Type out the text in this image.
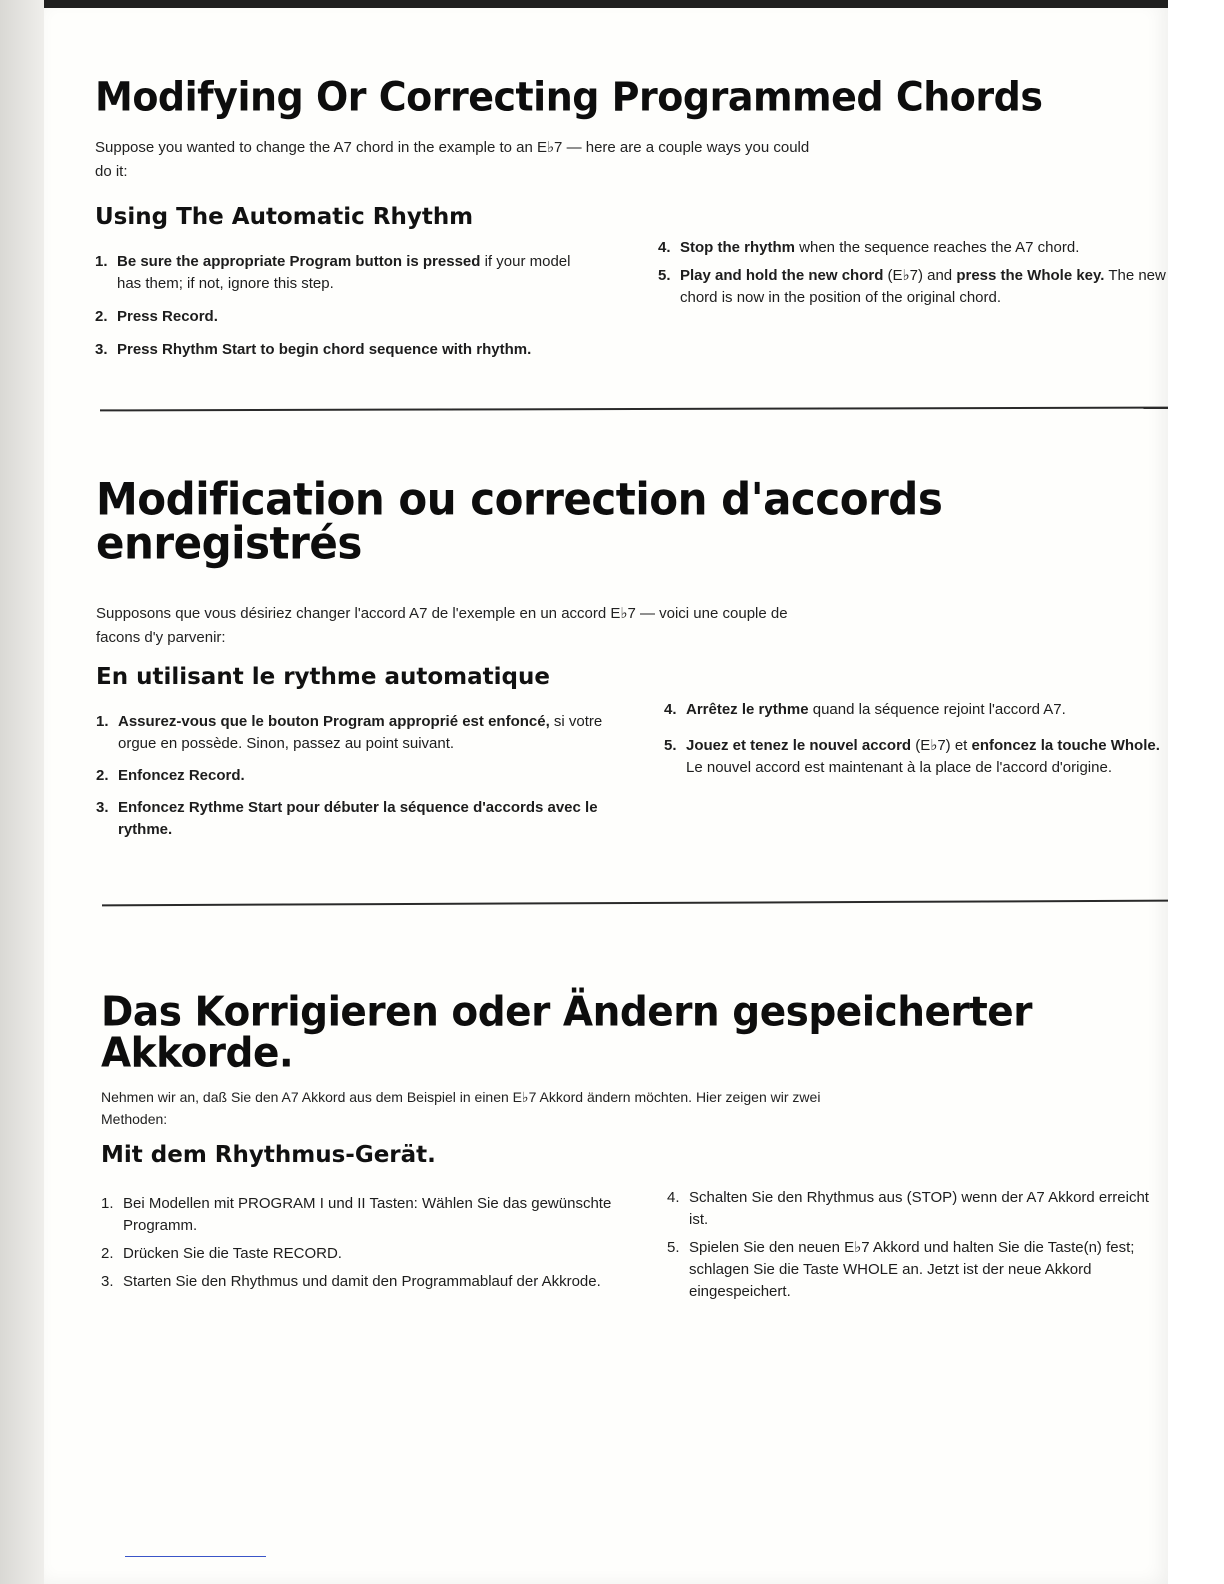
Modifying Or Correcting Programmed Chords
Suppose you wanted to change the A7 chord in the example to an E♭7 — here are a couple ways you could do it:
Using The Automatic Rhythm
1. Be sure the appropriate Program button is pressed if your model has them; if not, ignore this step.
2. Press Record.
3. Press Rhythm Start to begin chord sequence with rhythm.
4. Stop the rhythm when the sequence reaches the A7 chord.
5. Play and hold the new chord (E♭7) and press the Whole key. The new chord is now in the position of the original chord.
Modification ou correction d'accords enregistrés
Supposons que vous désiriez changer l'accord A7 de l'exemple en un accord E♭7 — voici une couple de facons d'y parvenir:
En utilisant le rythme automatique
1. Assurez-vous que le bouton Program approprié est enfoncé, si votre orgue en possède. Sinon, passez au point suivant.
2. Enfoncez Record.
3. Enfoncez Rythme Start pour débuter la séquence d'accords avec le rythme.
4. Arrêtez le rythme quand la séquence rejoint l'accord A7.
5. Jouez et tenez le nouvel accord (E♭7) et enfoncez la touche Whole. Le nouvel accord est maintenant à la place de l'accord d'origine.
Das Korrigieren oder Ändern gespeicherter Akkorde.
Nehmen wir an, daß Sie den A7 Akkord aus dem Beispiel in einen E♭7 Akkord ändern möchten. Hier zeigen wir zwei Methoden:
Mit dem Rhythmus-Gerät.
1. Bei Modellen mit PROGRAM I und II Tasten: Wählen Sie das gewünschte Programm.
2. Drücken Sie die Taste RECORD.
3. Starten Sie den Rhythmus und damit den Programmablauf der Akkrode.
4. Schalten Sie den Rhythmus aus (STOP) wenn der A7 Akkord erreicht ist.
5. Spielen Sie den neuen E♭7 Akkord und halten Sie die Taste(n) fest; schlagen Sie die Taste WHOLE an. Jetzt ist der neue Akkord eingespeichert.
